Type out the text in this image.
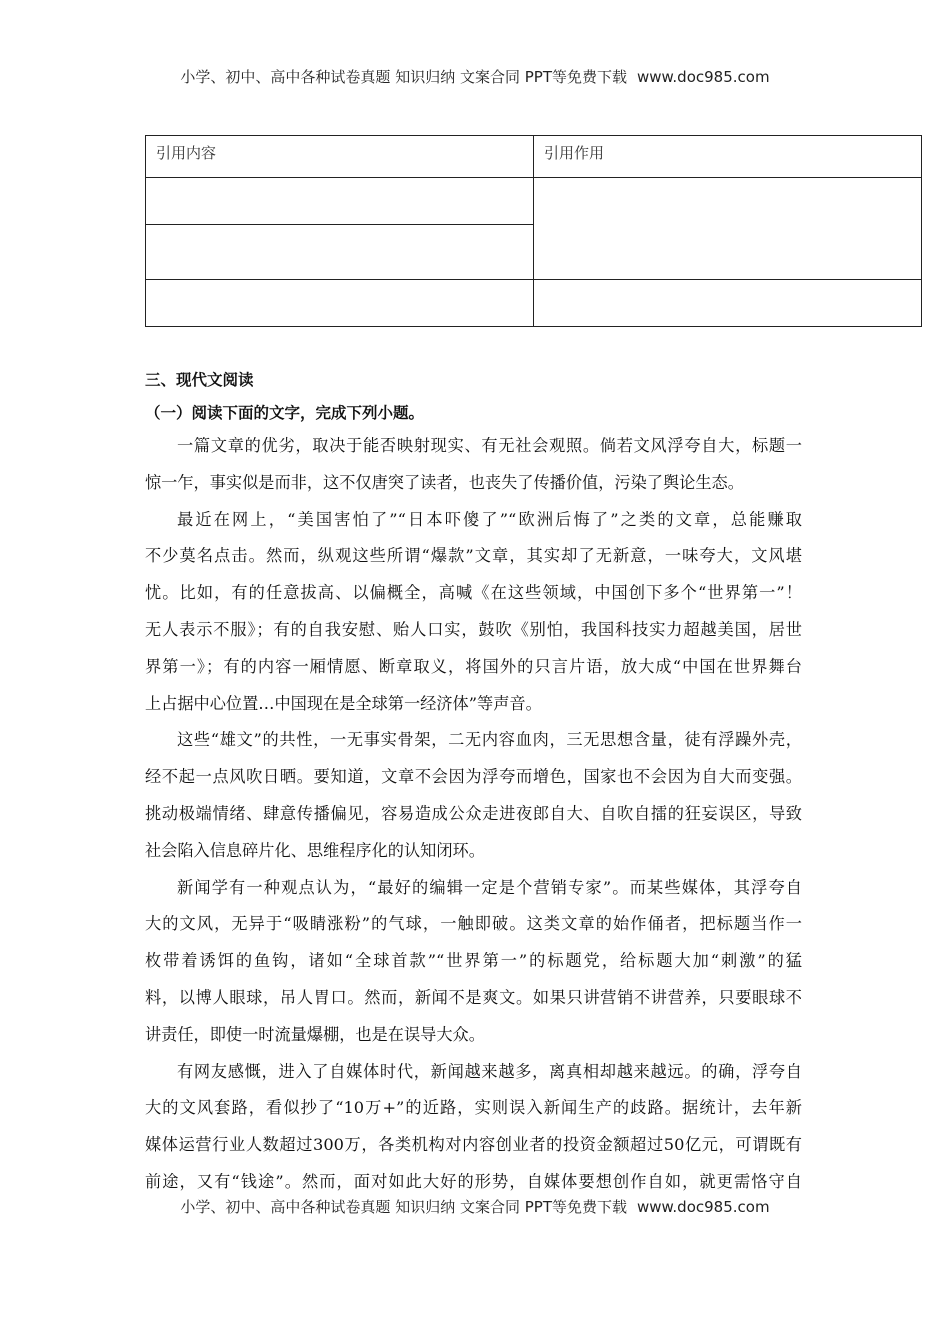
小学、初中、高中各种试卷真题 知识归纳 文案合同 PPT等免费下载 www.doc985.com
引用内容	引用作用

三、现代文阅读
（一）阅读下面的文字，完成下列小题。
一篇文章的优劣，取决于能否映射现实、有无社会观照。倘若文风浮夸自大，标题一
惊一乍，事实似是而非，这不仅唐突了读者，也丧失了传播价值，污染了舆论生态。
最近在网上，“美国害怕了”“日本吓傻了”“欧洲后悔了”之类的文章，总能赚取
不少莫名点击。然而，纵观这些所谓“爆款”文章，其实却了无新意，一味夸大，文风堪
忧。比如，有的任意拔高、以偏概全，高喊《在这些领域，中国创下多个“世界第一”！
无人表示不服》；有的自我安慰、贻人口实，鼓吹《别怕，我国科技实力超越美国，居世
界第一》；有的内容一厢情愿、断章取义，将国外的只言片语，放大成“中国在世界舞台
上占据中心位置…中国现在是全球第一经济体”等声音。
这些“雄文”的共性，一无事实骨架，二无内容血肉，三无思想含量，徒有浮躁外壳，
经不起一点风吹日晒。要知道，文章不会因为浮夸而增色，国家也不会因为自大而变强。
挑动极端情绪、肆意传播偏见，容易造成公众走进夜郎自大、自吹自擂的狂妄误区，导致
社会陷入信息碎片化、思维程序化的认知闭环。
新闻学有一种观点认为，“最好的编辑一定是个营销专家”。而某些媒体，其浮夸自
大的文风，无异于“吸睛涨粉”的气球，一触即破。这类文章的始作俑者，把标题当作一
枚带着诱饵的鱼钩，诸如“全球首款”“世界第一”的标题党，给标题大加“刺激”的猛
料，以博人眼球，吊人胃口。然而，新闻不是爽文。如果只讲营销不讲营养，只要眼球不
讲责任，即使一时流量爆棚，也是在误导大众。
有网友感慨，进入了自媒体时代，新闻越来越多，离真相却越来越远。的确，浮夸自
大的文风套路，看似抄了“10万+”的近路，实则误入新闻生产的歧路。据统计，去年新
媒体运营行业人数超过300万，各类机构对内容创业者的投资金额超过50亿元，可谓既有
前途，又有“钱途”。然而，面对如此大好的形势，自媒体要想创作自如，就更需恪守自
小学、初中、高中各种试卷真题 知识归纳 文案合同 PPT等免费下载 www.doc985.com
